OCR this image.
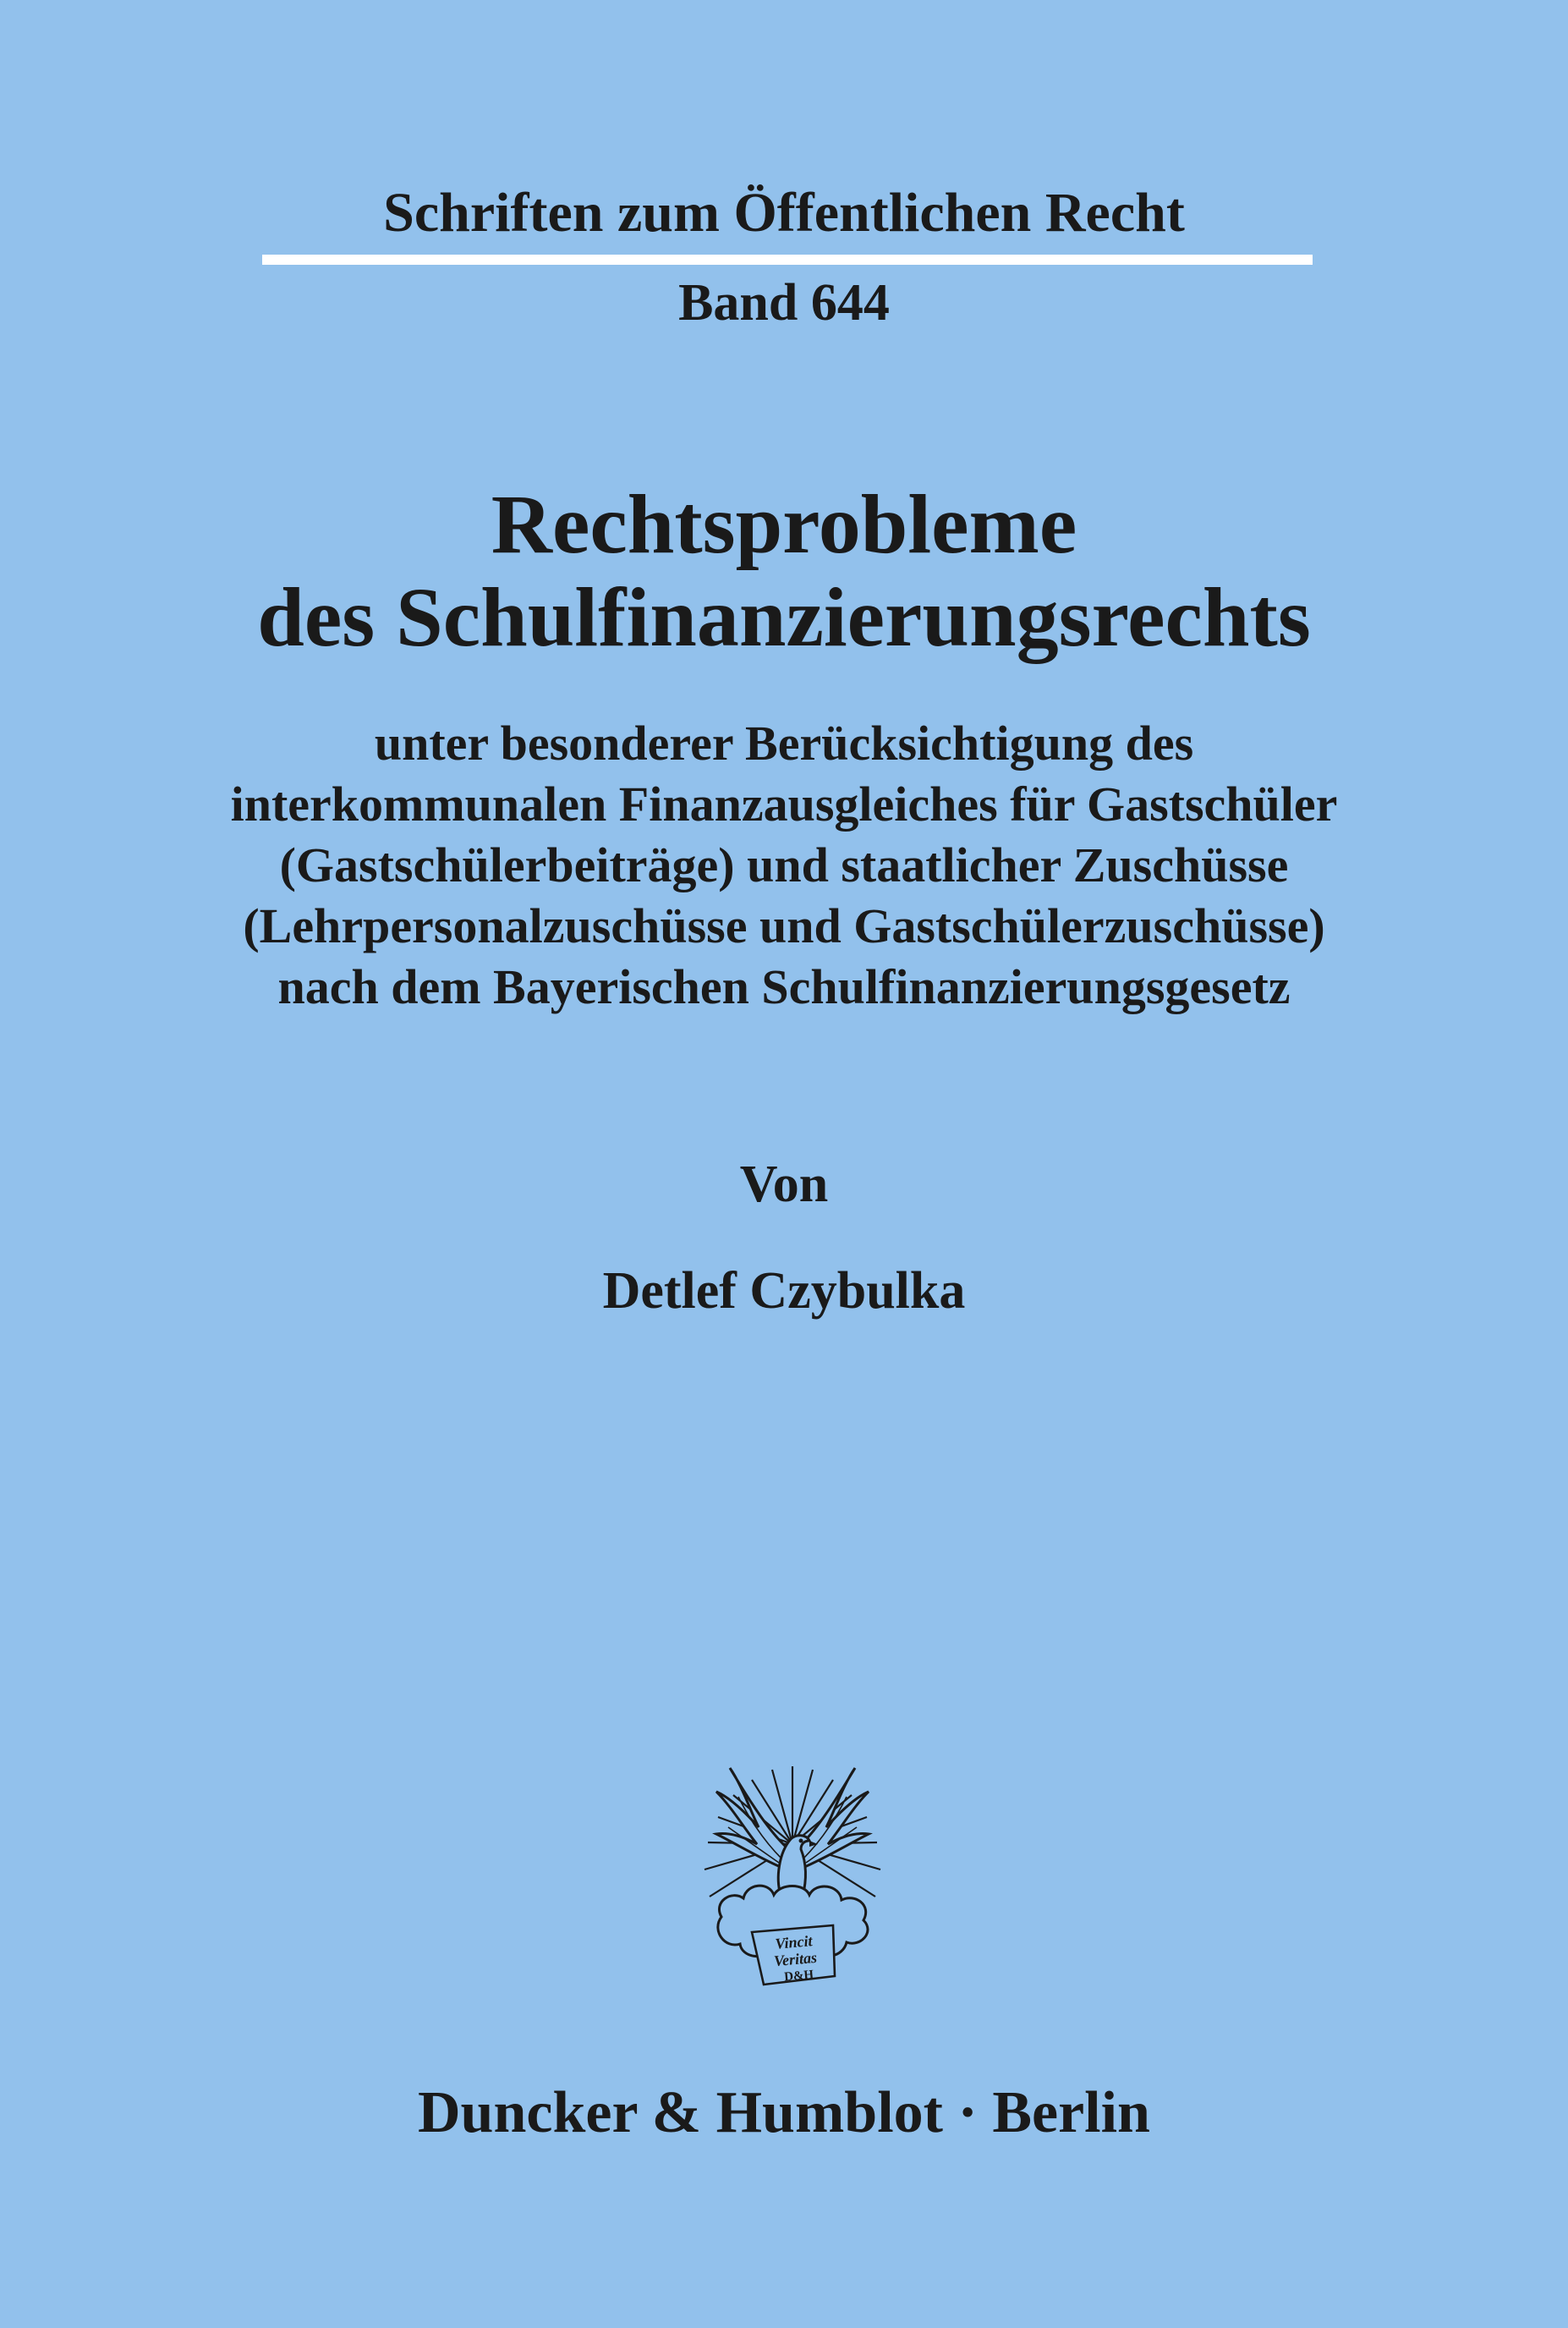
Schriften zum Öffentlichen Recht
Band 644
Rechtsprobleme
des Schulfinanzierungsrechts
unter besonderer Berücksichtigung des
interkommunalen Finanzausgleiches für Gastschüler
(Gastschülerbeiträge) und staatlicher Zuschüsse
(Lehrpersonalzuschüsse und Gastschülerzuschüsse)
nach dem Bayerischen Schulfinanzierungsgesetz
Von
Detlef Czybulka
Vincit
Veritas
D&H
Duncker & Humblot · Berlin
